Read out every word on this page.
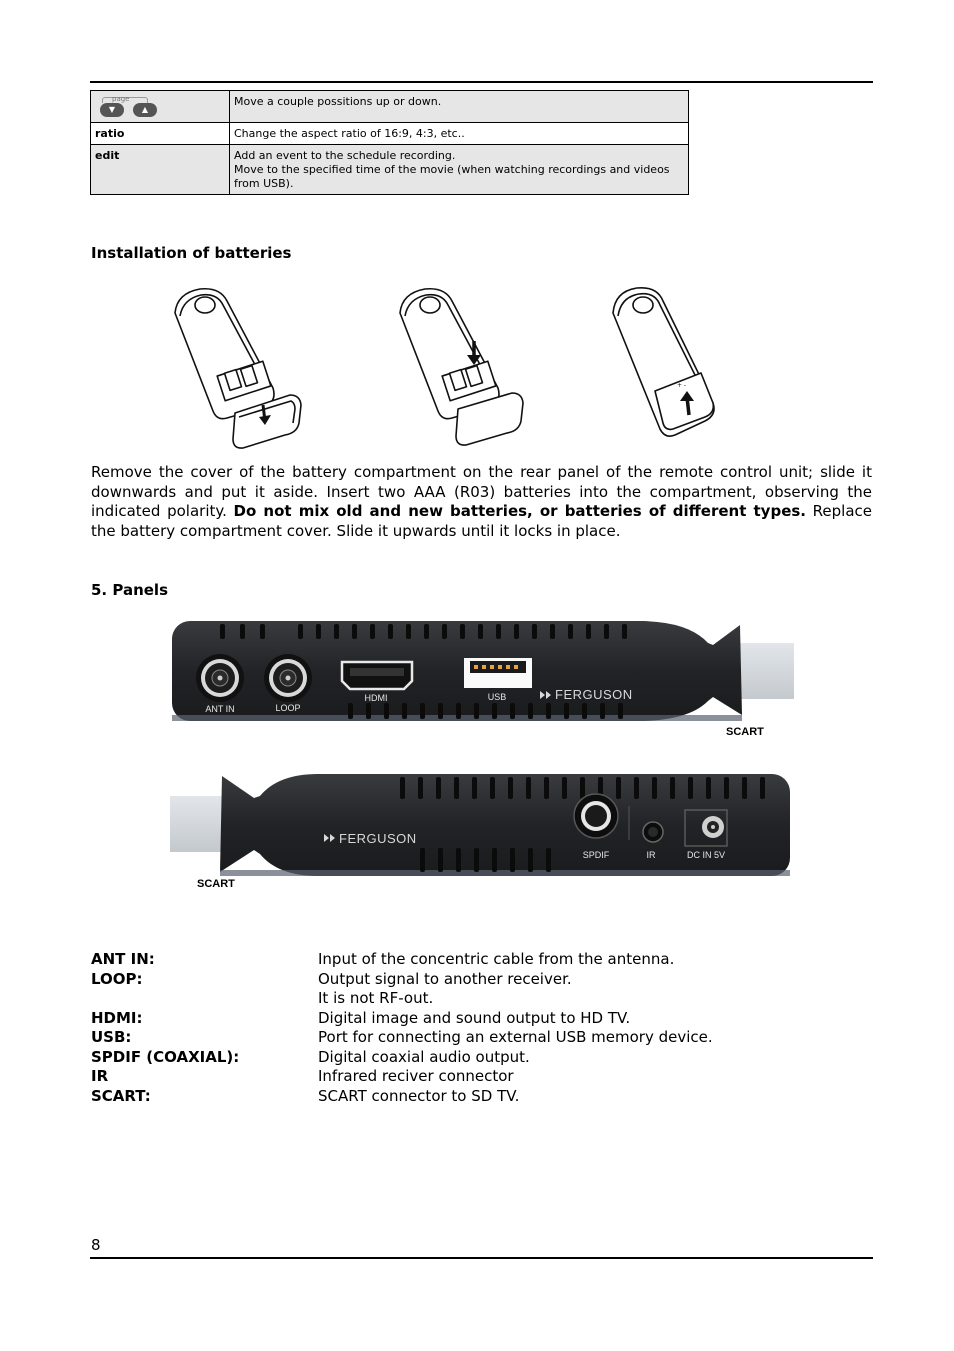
page
▼ ▲	Move a couple possitions up or down.
ratio	Change the aspect ratio of 16:9, 4:3, etc..
edit	Add an event to the schedule recording.
Move to the specified time of the movie (when watching recordings and videos from USB).
Installation of batteries
+ -

Remove the cover of the battery compartment on the rear panel of the remote control unit; slide it downwards and put it aside. Insert two AAA (R03) batteries into the compartment, observing the indicated polarity. Do not mix old and new batteries, or batteries of different types. Replace the battery compartment cover. Slide it upwards until it locks in place.

5. Panels
ANT IN	LOOP
HDMI	USB	FERGUSON
SCART
SPDIF	IR	DC IN 5V
FERGUSON
SCART
ANT IN:	Input of the concentric cable from the antenna.
LOOP:	Output signal to another receiver.
It is not RF-out.
HDMI:	Digital image and sound output to HD TV.
USB:	Port for connecting an external USB memory device.
SPDIF (COAXIAL):	Digital coaxial audio output.
IR	Infrared reciver connector
SCART:	SCART connector to SD TV.
8
